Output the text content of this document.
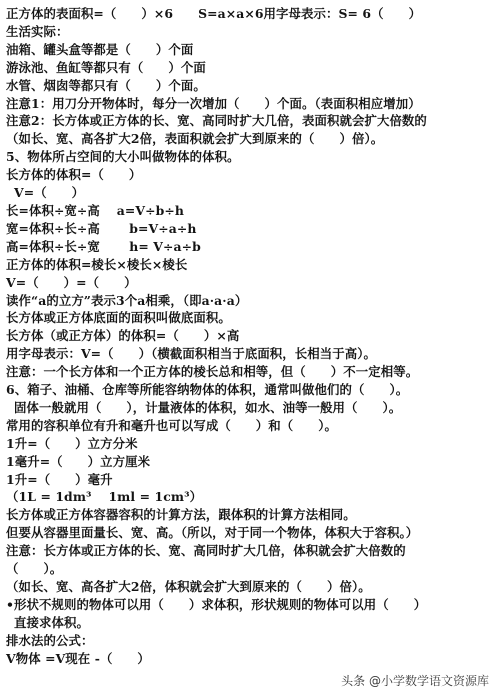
正方体的表面积=（　　）×6　　S=a×a×6用字母表示：S= 6（　　）
生活实际：
油箱、罐头盒等都是（　　）个面
游泳池、鱼缸等都只有（　　）个面
水管、烟囱等都只有（　　）个面。
注意1：用刀分开物体时，每分一次增加（　　）个面。（表面积相应增加）
注意2：长方体或正方体的长、宽、高同时扩大几倍，表面积就会扩大倍数的
（如长、宽、高各扩大2倍，表面积就会扩大到原来的（　　）倍）。
5、物体所占空间的大小叫做物体的体积。
长方体的体积=（　　）
V=（　　）
长=体积÷宽÷高　 a=V÷b÷h
宽=体积÷长÷高　　 b=V÷a÷h
高=体积÷长÷宽　　 h= V÷a÷b
正方体的体积=棱长×棱长×棱长
V=（　　）=（　　）
读作“a的立方”表示3个a相乘，（即a·a·a）
长方体或正方体底面的面积叫做底面积。
长方体（或正方体）的体积=（　　）×高
用字母表示：V=（　　）（横截面积相当于底面积，长相当于高）。
注意：一个长方体和一个正方体的棱长总和相等，但（　　）不一定相等。
6、箱子、油桶、仓库等所能容纳物体的体积，通常叫做他们的（　　）。
固体一般就用（　　），计量液体的体积，如水、油等一般用（　　）。
常用的容积单位有升和毫升也可以写成（　　）和（　　）。
1升=（　　）立方分米
1毫升=（　　）立方厘米
1升=（　　）毫升
（1L = 1dm³　 1ml = 1cm³）
长方体或正方体容器容积的计算方法，跟体积的计算方法相同。
但要从容器里面量长、宽、高。（所以，对于同一个物体，体积大于容积。）
注意：长方体或正方体的长、宽、高同时扩大几倍，体积就会扩大倍数的
（　　）。
（如长、宽、高各扩大2倍，体积就会扩大到原来的（　　）倍）。
•形状不规则的物体可以用（　　）求体积，形状规则的物体可以用（　　）
直接求体积。
排水法的公式：
V物体 =V现在 -（　　）
头条 @小学数学语文资源库
